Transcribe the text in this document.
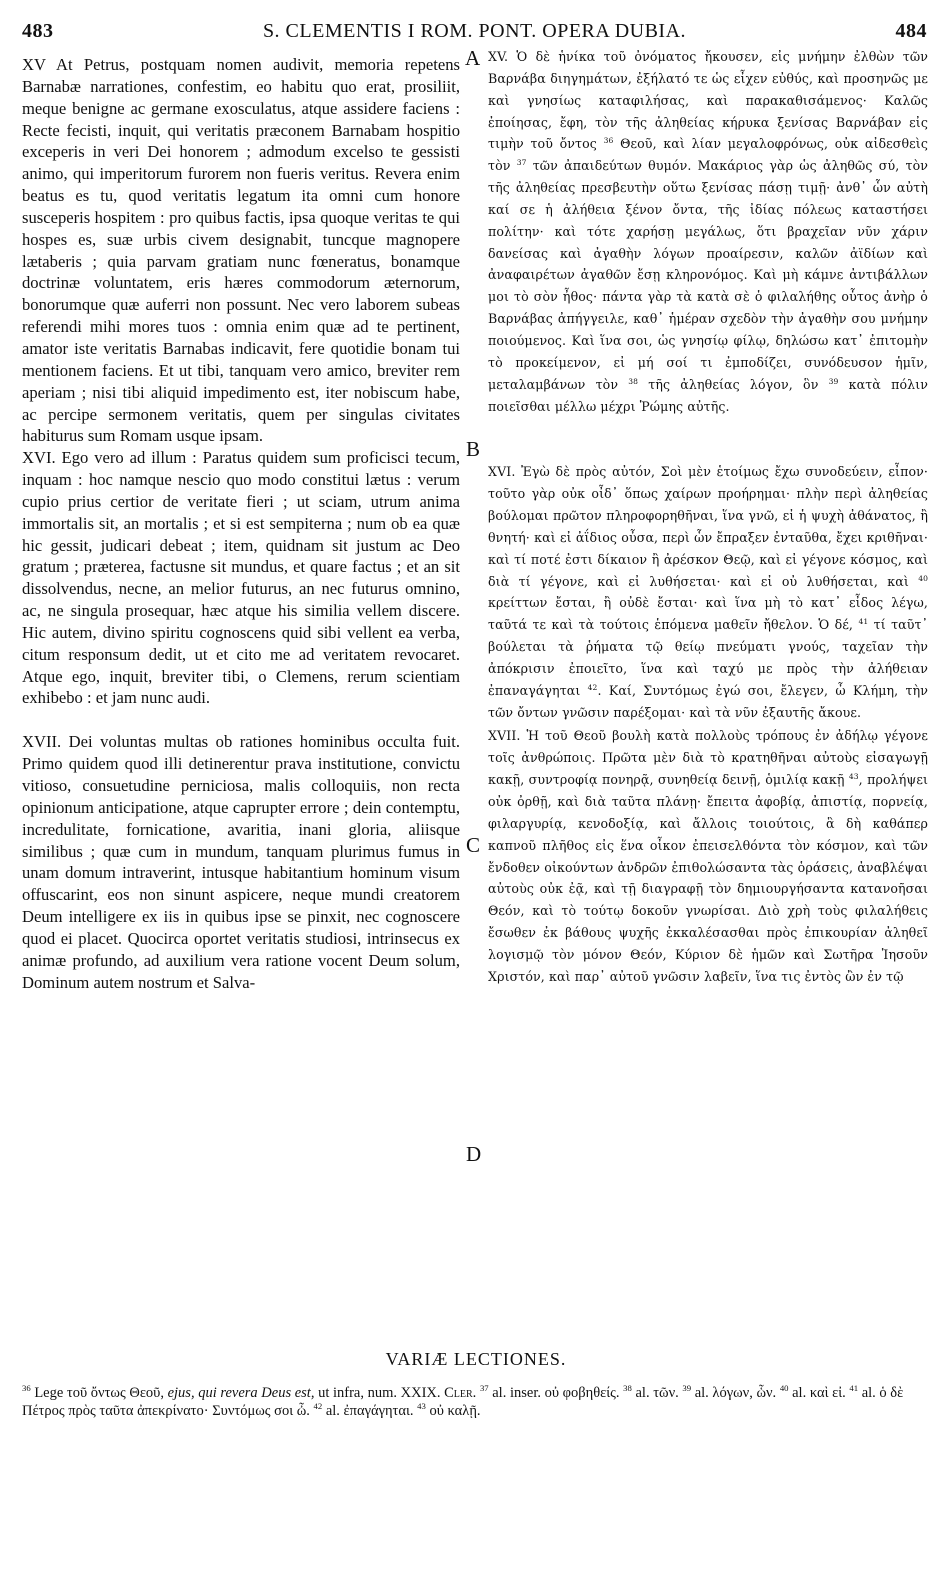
483	S. CLEMENTIS I ROM. PONT. OPERA DUBIA.	484

XV At Petrus, postquam nomen audivit, memoria repetens Barnabæ narrationes, confestim, eo habitu quo erat, prosiliit, meque benigne ac germane exosculatus, atque assidere faciens : Recte fecisti, inquit, qui veritatis præconem Barnabam hospitio exceperis in veri Dei honorem ; admodum excelso te gessisti animo, qui imperitorum furorem non fueris veritus. Revera enim beatus es tu, quod veritatis legatum ita omni cum honore susceperis hospitem : pro quibus factis, ipsa quoque veritas te qui hospes es, suæ urbis civem designabit, tuncque magnopere lætaberis ; quia parvam gratiam nunc fœneratus, bonamque doctrinæ voluntatem, eris hæres commodorum æternorum, bonorumque quæ auferri non possunt. Nec vero laborem subeas referendi mihi mores tuos : omnia enim quæ ad te pertinent, amator iste veritatis Barnabas indicavit, fere quotidie bonam tui mentionem faciens. Et ut tibi, tanquam vero amico, breviter rem aperiam ; nisi tibi aliquid impedimento est, iter nobiscum habe, ac percipe sermonem veritatis, quem per singulas civitates habiturus sum Romam usque ipsam.

XVI. Ego vero ad illum : Paratus quidem sum proficisci tecum, inquam : hoc namque nescio quo modo constitui lætus : verum cupio prius certior de veritate fieri ; ut sciam, utrum anima immortalis sit, an mortalis ; et si est sempiterna ; num ob ea quæ hic gessit, judicari debeat ; item, quidnam sit justum ac Deo gratum ; præterea, factusne sit mundus, et quare factus ; et an sit dissolvendus, necne, an melior futurus, an nec futurus omnino, ac, ne singula prosequar, hæc atque his similia vellem discere. Hic autem, divino spiritu cognoscens quid sibi vellent ea verba, citum responsum dedit, ut et cito me ad veritatem revocaret. Atque ego, inquit, breviter tibi, o Clemens, rerum scientiam exhibebo : et jam nunc audi.

XVII. Dei voluntas multas ob rationes hominibus occulta fuit. Primo quidem quod illi detinerentur prava institutione, convictu vitioso, consuetudine perniciosa, malis colloquiis, non recta opinionum anticipatione, atque caprupter errore ; dein contemptu, incredulitate, fornicatione, avaritia, inani gloria, aliisque similibus ; quæ cum in mundum, tanquam plurimus fumus in unam domum intraverint, intusque habitantium hominum visum offuscarint, eos non sinunt aspicere, neque mundi creatorem Deum intelligere ex iis in quibus ipse se pinxit, nec cognoscere quod ei placet. Quocirca oportet veritatis studiosi, intrinsecus ex animæ profundo, ad auxilium vera ratione vocent Deum solum, Dominum autem nostrum et Salva-

A
B
C
D

XV. Ὁ δὲ ἡνίκα τοῦ ὀνόματος ἤκουσεν, εἰς μνήμην ἐλθὼν τῶν Βαρνάβα διηγημάτων, ἐξήλατό τε ὡς εἶχεν εὐθύς, καὶ προσηνῶς με καὶ γνησίως καταφιλήσας, καὶ παρακαθισάμενος· Καλῶς ἐποίησας, ἔφη, τὸν τῆς ἀληθείας κήρυκα ξενίσας Βαρνάβαν εἰς τιμὴν τοῦ ὄντος $^{36}$ Θεοῦ, καὶ λίαν μεγαλοφρόνως, οὐκ αἰδεσθεὶς τὸν $^{37}$ τῶν ἀπαιδεύτων θυμόν. Μακάριος γὰρ ὡς ἀληθῶς σύ, τὸν τῆς ἀληθείας πρεσβευτὴν οὕτω ξενίσας πάσῃ τιμῇ· ἀνθ᾽ ὧν αὐτὴ καί σε ἡ ἀλήθεια ξένον ὄντα, τῆς ἰδίας πόλεως καταστήσει πολίτην· καὶ τότε χαρήσῃ μεγάλως, ὅτι βραχεῖαν νῦν χάριν δανείσας καὶ ἀγαθὴν λόγων προαίρεσιν, καλῶν ἀϊδίων καὶ ἀναφαιρέτων ἀγαθῶν ἔσῃ κληρονόμος. Καὶ μὴ κάμνε ἀντιβάλλων μοι τὸ σὸν ἦθος· πάντα γὰρ τὰ κατὰ σὲ ὁ φιλαλήθης οὗτος ἀνὴρ ὁ Βαρνάβας ἀπήγγειλε, καθ᾽ ἡμέραν σχεδὸν τὴν ἀγαθὴν σου μνήμην ποιούμενος. Καὶ ἵνα σοι, ὡς γνησίῳ φίλῳ, δηλώσω κατ᾽ ἐπιτομὴν τὸ προκείμενον, εἰ μή σοί τι ἐμποδίζει, συνόδευσον ἡμῖν, μεταλαμβάνων τὸν $^{38}$ τῆς ἀληθείας λόγον, ὃν $^{39}$ κατὰ πόλιν ποιεῖσθαι μέλλω μέχρι Ῥώμης αὐτῆς.

XVI. Ἐγὼ δὲ πρὸς αὐτόν, Σοὶ μὲν ἑτοίμως ἔχω συνοδεύειν, εἶπον· τοῦτο γὰρ οὐκ οἶδ᾽ ὅπως χαίρων προήρημαι· πλὴν περὶ ἀληθείας βούλομαι πρῶτον πληροφορηθῆναι, ἵνα γνῶ, εἰ ἡ ψυχὴ ἀθάνατος, ἢ θνητή· καὶ εἰ ἀΐδιος οὖσα, περὶ ὧν ἔπραξεν ἐνταῦθα, ἔχει κριθῆναι· καὶ τί ποτέ ἐστι δίκαιον ἢ ἀρέσκον Θεῷ, καὶ εἰ γέγονε κόσμος, καὶ διὰ τί γέγονε, καὶ εἰ λυθήσεται· καὶ εἰ οὐ λυθήσεται, καὶ $^{40}$ κρείττων ἔσται, ἢ οὐδὲ ἔσται· καὶ ἵνα μὴ τὸ κατ᾽ εἶδος λέγω, ταῦτά τε καὶ τὰ τούτοις ἑπόμενα μαθεῖν ἤθελον. Ὁ δέ, $^{41}$ τί ταῦτ᾽ βούλεται τὰ ῥήματα τῷ θείῳ πνεύματι γνούς, ταχεῖαν τὴν ἀπόκρισιν ἐποιεῖτο, ἵνα καὶ ταχύ με πρὸς τὴν ἀλήθειαν ἐπαναγάγηται $^{42}$. Καί, Συντόμως ἐγώ σοι, ἔλεγεν, ὦ Κλήμη, τὴν τῶν ὄντων γνῶσιν παρέξομαι· καὶ τὰ νῦν ἐξαυτῆς ἄκουε.

XVII. Ἡ τοῦ Θεοῦ βουλὴ κατὰ πολλοὺς τρόπους ἐν ἀδήλῳ γέγονε τοῖς ἀνθρώποις. Πρῶτα μὲν διὰ τὸ κρατηθῆναι αὐτοὺς εἰσαγωγῇ κακῇ, συντροφίᾳ πονηρᾷ, συνηθείᾳ δεινῇ, ὁμιλίᾳ κακῇ $^{43}$, προλήψει οὐκ ὀρθῇ, καὶ διὰ ταῦτα πλάνῃ· ἔπειτα ἀφοβίᾳ, ἀπιστίᾳ, πορνείᾳ, φιλαργυρίᾳ, κενοδοξίᾳ, καὶ ἄλλοις τοιούτοις, ἃ δὴ καθάπερ καπνοῦ πλῆθος εἰς ἕνα οἶκον ἐπεισελθόντα τὸν κόσμον, καὶ τῶν ἔνδοθεν οἰκούντων ἀνδρῶν ἐπιθολώσαντα τὰς ὁράσεις, ἀναβλέψαι αὐτοὺς οὐκ ἐᾷ, καὶ τῇ διαγραφῇ τὸν δημιουργήσαντα κατανοῆσαι Θεόν, καὶ τὸ τούτῳ δοκοῦν γνωρίσαι. Διὸ χρὴ τοὺς φιλαλήθεις ἔσωθεν ἐκ βάθους ψυχῆς ἐκκαλέσασθαι πρὸς ἐπικουρίαν ἀληθεῖ λογισμῷ τὸν μόνον Θεόν, Κύριον δὲ ἡμῶν καὶ Σωτῆρα Ἰησοῦν Χριστόν, καὶ παρ᾽ αὐτοῦ γνῶσιν λαβεῖν, ἵνα τις ἐντὸς ὢν ἐν τῷ

VARIÆ LECTIONES.

$^{36}$ Lege τοῦ ὄντως Θεοῦ, ejus, qui revera Deus est, ut infra, num. XXIX. Cler. $^{37}$ al. inser. οὐ φοβηθείς. $^{38}$ al. τῶν. $^{39}$ al. λόγων, ὧν. $^{40}$ al. καὶ εἰ. $^{41}$ al. ὁ δὲ Πέτρος πρὸς ταῦτα ἀπεκρίνατο· Συντόμως σοι ὦ. $^{42}$ al. ἐπαγάγηται. $^{43}$ οὐ καλῇ.
